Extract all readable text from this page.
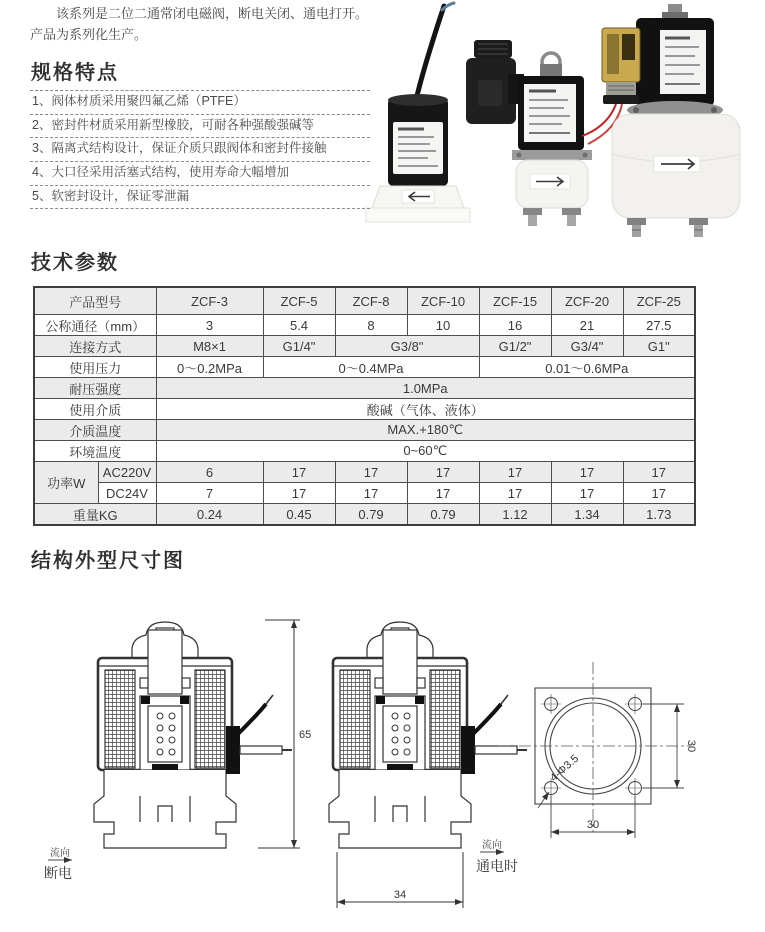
该系列是二位二通常闭电磁阀，断电关闭、通电打开。
产品为系列化生产。
规格特点
1、阀体材质采用聚四氟乙烯（PTFE）
2、密封件材质采用新型橡胶，可耐各种强酸强碱等
3、隔离式结构设计，保证介质只跟阀体和密封件接触
4、大口径采用活塞式结构，使用寿命大幅增加
5、软密封设计，保证零泄漏
技术参数
产品型号		ZCF-3	ZCF-5	ZCF-8	ZCF-10	ZCF-15	ZCF-20	ZCF-25
公称通径（mm）		3	5.4	8	10	16	21	27.5
连接方式		M8×1	G1/4"	G3/8"		G1/2"	G3/4"	G1"
使用压力		0～0.2MPa	0～0.4MPa			0.01～0.6MPa		
耐压强度		1.0MPa						
使用介质		酸碱（气体、液体）						
介质温度		MAX.+180℃						
环境温度		0~60℃						
功率W	AC220V	6	17	17	17	17	17	17
	DC24V	7	17	17	17	17	17	17
重量KG		0.24	0.45	0.79	0.79	1.12	1.34	1.73
结构外型尺寸图
65
流向
断电
34
流向
通电时
4-Φ3.5
30
30
